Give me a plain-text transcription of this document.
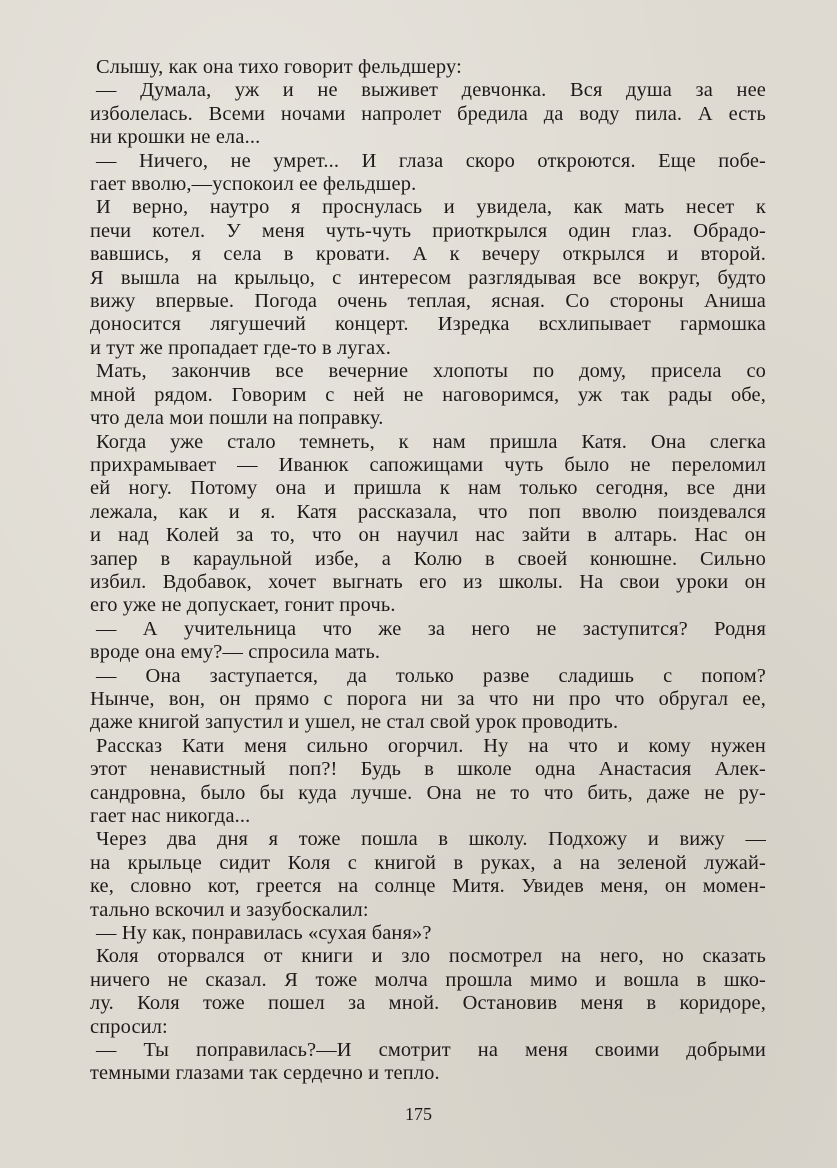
Слышу, как она тихо говорит фельдшеру:
— Думала, уж и не выживет девчонка. Вся душа за нее
изболелась. Всеми ночами напролет бредила да воду пила. А есть
ни крошки не ела...
— Ничего, не умрет... И глаза скоро откроются. Еще побе-
гает вволю,—успокоил ее фельдшер.
И верно, наутро я проснулась и увидела, как мать несет к
печи котел. У меня чуть-чуть приоткрылся один глаз. Обрадо-
вавшись, я села в кровати. А к вечеру открылся и второй.
Я вышла на крыльцо, с интересом разглядывая все вокруг, будто
вижу впервые. Погода очень теплая, ясная. Со стороны Аниша
доносится лягушечий концерт. Изредка всхлипывает гармошка
и тут же пропадает где-то в лугах.
Мать, закончив все вечерние хлопоты по дому, присела со
мной рядом. Говорим с ней не наговоримся, уж так рады обе,
что дела мои пошли на поправку.
Когда уже стало темнеть, к нам пришла Катя. Она слегка
прихрамывает — Иванюк сапожищами чуть было не переломил
ей ногу. Потому она и пришла к нам только сегодня, все дни
лежала, как и я. Катя рассказала, что поп вволю поиздевался
и над Колей за то, что он научил нас зайти в алтарь. Нас он
запер в караульной избе, а Колю в своей конюшне. Сильно
избил. Вдобавок, хочет выгнать его из школы. На свои уроки он
его уже не допускает, гонит прочь.
— А учительница что же за него не заступится? Родня
вроде она ему?— спросила мать.
— Она заступается, да только разве сладишь с попом?
Нынче, вон, он прямо с порога ни за что ни про что обругал ее,
даже книгой запустил и ушел, не стал свой урок проводить.
Рассказ Кати меня сильно огорчил. Ну на что и кому нужен
этот ненавистный поп?! Будь в школе одна Анастасия Алек-
сандровна, было бы куда лучше. Она не то что бить, даже не ру-
гает нас никогда...
Через два дня я тоже пошла в школу. Подхожу и вижу —
на крыльце сидит Коля с книгой в руках, а на зеленой лужай-
ке, словно кот, греется на солнце Митя. Увидев меня, он момен-
тально вскочил и зазубоскалил:
— Ну как, понравилась «сухая баня»?
Коля оторвался от книги и зло посмотрел на него, но сказать
ничего не сказал. Я тоже молча прошла мимо и вошла в шко-
лу. Коля тоже пошел за мной. Остановив меня в коридоре,
спросил:
— Ты поправилась?—И смотрит на меня своими добрыми
темными глазами так сердечно и тепло.
175
